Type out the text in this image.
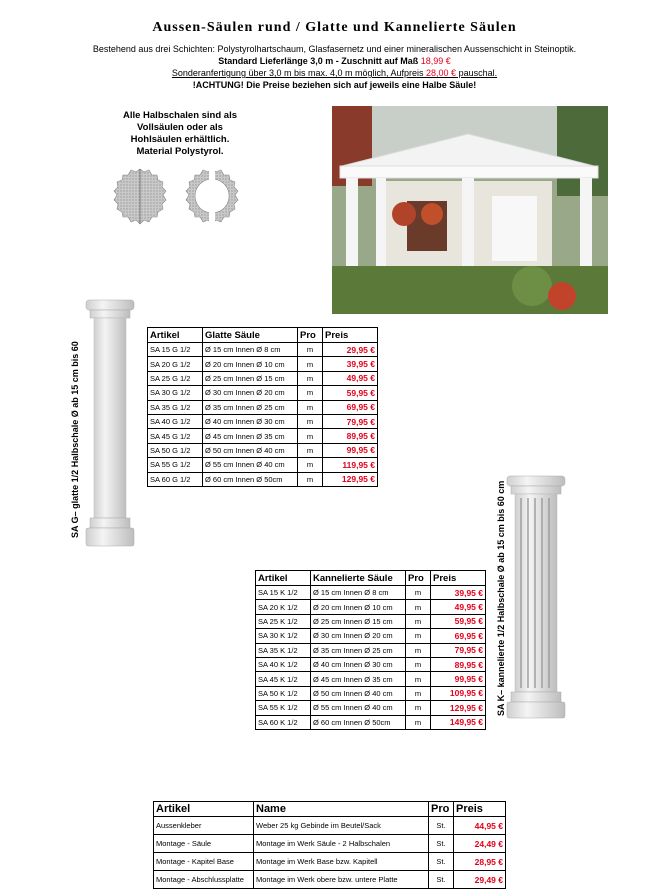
Aussen-Säulen rund / Glatte und Kannelierte Säulen
Bestehend aus drei Schichten: Polystyrolhartschaum, Glasfasernetz und einer mineralischen Aussenschicht in Steinoptik.
Standard Lieferlänge 3,0 m - Zuschnitt auf Maß 18,99 €
Sonderanfertigung über 3,0 m bis max. 4,0 m möglich, Aufpreis 28,00 € pauschal.
!ACHTUNG! Die Preise beziehen sich auf jeweils eine Halbe Säule!
Alle Halbschalen sind als
Vollsäulen oder als
Hohlsäulen erhältlich.
Material Polystyrol.
SA G– glatte 1/2 Halbschale Ø ab 15 cm bis 60
Artikel	Glatte Säule	Pro	Preis
SA 15 G 1/2	Ø 15 cm Innen Ø 8 cm	m	29,95 €
SA 20 G 1/2	Ø 20 cm Innen Ø 10 cm	m	39,95 €
SA 25 G 1/2	Ø 25 cm Innen Ø 15 cm	m	49,95 €
SA 30 G 1/2	Ø 30 cm Innen Ø 20 cm	m	59,95 €
SA 35 G 1/2	Ø 35 cm Innen Ø 25 cm	m	69,95 €
SA 40 G 1/2	Ø 40 cm Innen Ø 30 cm	m	79,95 €
SA 45 G 1/2	Ø 45 cm Innen Ø 35 cm	m	89,95 €
SA 50 G 1/2	Ø 50 cm Innen Ø 40 cm	m	99,95 €
SA 55 G 1/2	Ø 55 cm Innen Ø 40 cm	m	119,95 €
SA 60 G 1/2	Ø 60 cm Innen Ø 50cm	m	129,95 €
SA K– kannelierte 1/2 Halbschale Ø ab 15 cm bis 60 cm
Artikel	Kannelierte Säule	Pro	Preis
SA 15 K 1/2	Ø 15 cm Innen Ø 8 cm	m	39,95 €
SA 20 K 1/2	Ø 20 cm Innen Ø 10 cm	m	49,95 €
SA 25 K 1/2	Ø 25 cm Innen Ø 15 cm	m	59,95 €
SA 30 K 1/2	Ø 30 cm Innen Ø 20 cm	m	69,95 €
SA 35 K 1/2	Ø 35 cm Innen Ø 25 cm	m	79,95 €
SA 40 K 1/2	Ø 40 cm Innen Ø 30 cm	m	89,95 €
SA 45 K 1/2	Ø 45 cm Innen Ø 35 cm	m	99,95 €
SA 50 K 1/2	Ø 50 cm Innen Ø 40 cm	m	109,95 €
SA 55 K 1/2	Ø 55 cm Innen Ø 40 cm	m	129,95 €
SA 60 K 1/2	Ø 60 cm Innen Ø 50cm	m	149,95 €
Artikel	Name	Pro	Preis
Aussenkleber	Weber 25 kg Gebinde im Beutel/Sack	St.	44,95 €
Montage - Säule	Montage im Werk Säule - 2 Halbschalen	St.	24,49 €
Montage - Kapitel Base	Montage im Werk Base bzw. Kapitell	St.	28,95 €
Montage - Abschlussplatte	Montage im Werk obere bzw. untere Platte	St.	29,49 €
